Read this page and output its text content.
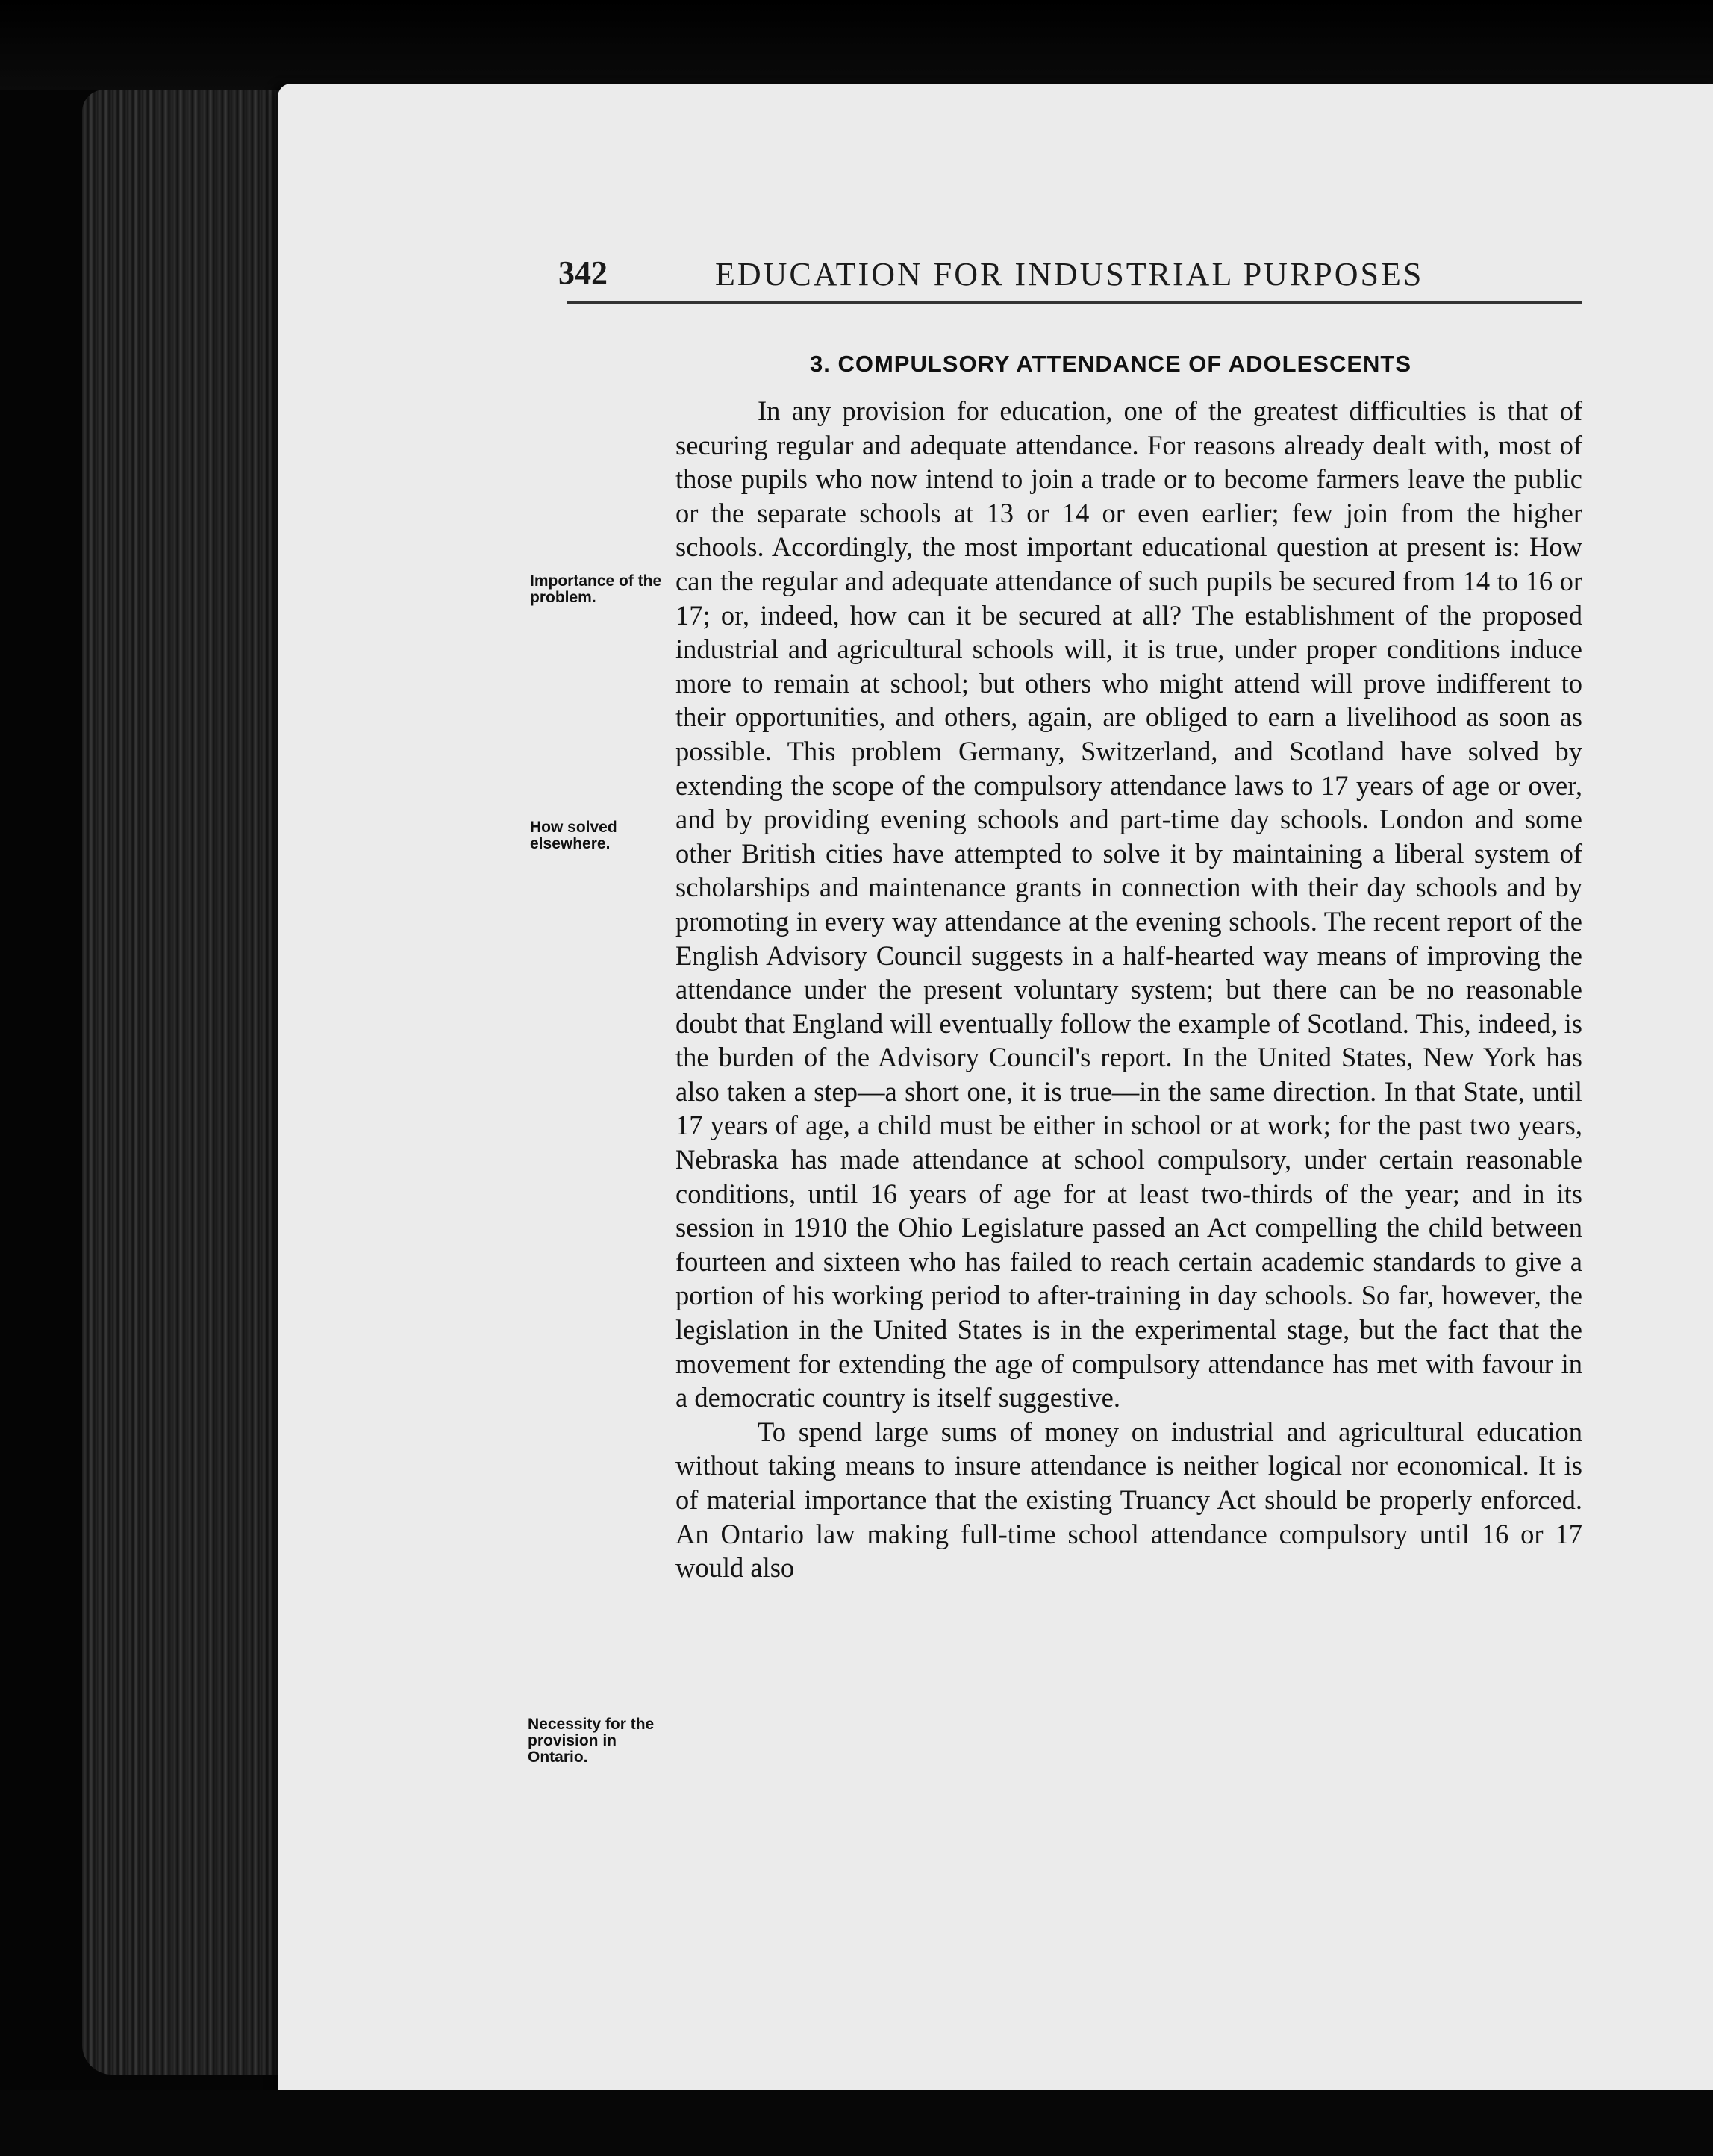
342	EDUCATION FOR INDUSTRIAL PURPOSES
3. COMPULSORY ATTENDANCE OF ADOLESCENTS
Importance of the problem.
How solved elsewhere.
Necessity for the provision in Ontario.

In any provision for education, one of the greatest difficulties is that of securing regular and adequate attendance. For reasons already dealt with, most of those pupils who now intend to join a trade or to become farmers leave the public or the separate schools at 13 or 14 or even earlier; few join from the higher schools. Accordingly, the most important educational question at present is: How can the regular and adequate attendance of such pupils be secured from 14 to 16 or 17; or, indeed, how can it be secured at all? The establishment of the proposed industrial and agricultural schools will, it is true, under proper conditions induce more to remain at school; but others who might attend will prove indifferent to their opportunities, and others, again, are obliged to earn a livelihood as soon as possible. This problem Germany, Switzerland, and Scotland have solved by extending the scope of the compulsory attendance laws to 17 years of age or over, and by providing evening schools and part-time day schools. London and some other British cities have attempted to solve it by maintaining a liberal system of scholarships and maintenance grants in connection with their day schools and by promoting in every way attendance at the evening schools. The recent report of the English Advisory Council suggests in a half-hearted way means of improving the attendance under the present voluntary system; but there can be no reasonable doubt that England will eventually follow the example of Scotland. This, indeed, is the burden of the Advisory Council's report. In the United States, New York has also taken a step—a short one, it is true—in the same direction. In that State, until 17 years of age, a child must be either in school or at work; for the past two years, Nebraska has made attendance at school compulsory, under certain reasonable conditions, until 16 years of age for at least two-thirds of the year; and in its session in 1910 the Ohio Legislature passed an Act compelling the child between fourteen and sixteen who has failed to reach certain academic standards to give a portion of his working period to after-training in day schools. So far, however, the legislation in the United States is in the experimental stage, but the fact that the movement for extending the age of compulsory attendance has met with favour in a democratic country is itself suggestive.

To spend large sums of money on industrial and agricultural education without taking means to insure attendance is neither logical nor economical. It is of material importance that the existing Truancy Act should be properly enforced. An Ontario law making full-time school attendance compulsory until 16 or 17 would also
